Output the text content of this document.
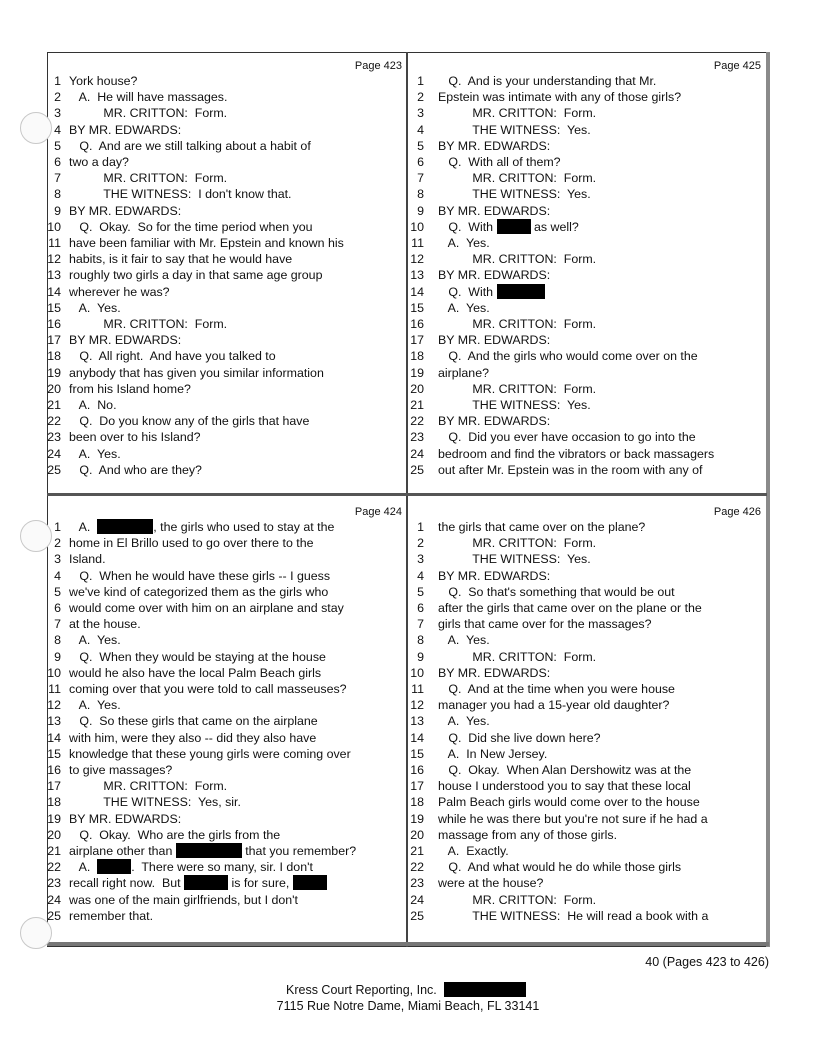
Page 423
1 York house?
2 A.  He will have massages.
3 MR. CRITTON:  Form.
4 BY MR. EDWARDS:
5 Q.  And are we still talking about a habit of
6 two a day?
7 MR. CRITTON:  Form.
8 THE WITNESS:  I don't know that.
9 BY MR. EDWARDS:
10 Q.  Okay.  So for the time period when you
11 have been familiar with Mr. Epstein and known his
12 habits, is it fair to say that he would have
13 roughly two girls a day in that same age group
14 wherever he was?
15 A.  Yes.
16 MR. CRITTON:  Form.
17 BY MR. EDWARDS:
18 Q.  All right.  And have you talked to
19 anybody that has given you similar information
20 from his Island home?
21 A.  No.
22 Q.  Do you know any of the girls that have
23 been over to his Island?
24 A.  Yes.
25 Q.  And who are they?
Page 425
1 Q.  And is your understanding that Mr.
2 Epstein was intimate with any of those girls?
3 MR. CRITTON:  Form.
4 THE WITNESS:  Yes.
5 BY MR. EDWARDS:
6 Q.  With all of them?
7 MR. CRITTON:  Form.
8 THE WITNESS:  Yes.
9 BY MR. EDWARDS:
10 Q.  With	as well?
11 A.  Yes.
12 MR. CRITTON:  Form.
13 BY MR. EDWARDS:
14 Q.  With
15 A.  Yes.
16 MR. CRITTON:  Form.
17 BY MR. EDWARDS:
18 Q.  And the girls who would come over on the
19 airplane?
20 MR. CRITTON:  Form.
21 THE WITNESS:  Yes.
22 BY MR. EDWARDS:
23 Q.  Did you ever have occasion to go into the
24 bedroom and find the vibrators or back massagers
25 out after Mr. Epstein was in the room with any of
Page 424
1 A.	, the girls who used to stay at the
2 home in El Brillo used to go over there to the
3 Island.
4 Q.  When he would have these girls -- I guess
5 we've kind of categorized them as the girls who
6 would come over with him on an airplane and stay
7 at the house.
8 A.  Yes.
9 Q.  When they would be staying at the house
10 would he also have the local Palm Beach girls
11 coming over that you were told to call masseuses?
12 A.  Yes.
13 Q.  So these girls that came on the airplane
14 with him, were they also -- did they also have
15 knowledge that these young girls were coming over
16 to give massages?
17 MR. CRITTON:  Form.
18 THE WITNESS:  Yes, sir.
19 BY MR. EDWARDS:
20 Q.  Okay.  Who are the girls from the
21 airplane other than	that you remember?
22 A.	.  There were so many, sir. I don't
23 recall right now.  But	is for sure,
24 was one of the main girlfriends, but I don't
25 remember that.
Page 426
1 the girls that came over on the plane?
2 MR. CRITTON:  Form.
3 THE WITNESS:  Yes.
4 BY MR. EDWARDS:
5 Q.  So that's something that would be out
6 after the girls that came over on the plane or the
7 girls that came over for the massages?
8 A.  Yes.
9 MR. CRITTON:  Form.
10 BY MR. EDWARDS:
11 Q.  And at the time when you were house
12 manager you had a 15-year old daughter?
13 A.  Yes.
14 Q.  Did she live down here?
15 A.  In New Jersey.
16 Q.  Okay.  When Alan Dershowitz was at the
17 house I understood you to say that these local
18 Palm Beach girls would come over to the house
19 while he was there but you're not sure if he had a
20 massage from any of those girls.
21 A.  Exactly.
22 Q.  And what would he do while those girls
23 were at the house?
24 MR. CRITTON:  Form.
25 THE WITNESS:  He will read a book with a
40 (Pages 423 to 426)
Kress Court Reporting, Inc.
7115 Rue Notre Dame, Miami Beach, FL 33141
